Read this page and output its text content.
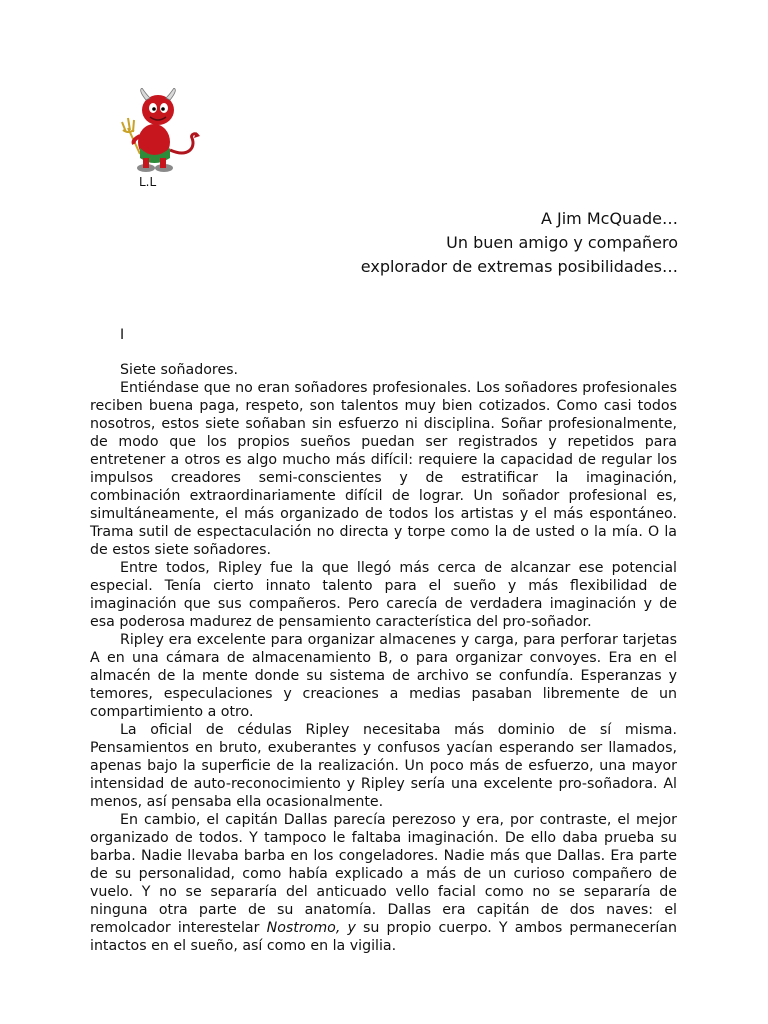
L.L
A Jim McQuade…
Un buen amigo y compañero
explorador de extremas posibilidades…
I

Siete soñadores.

Entiéndase que no eran soñadores profesionales. Los soñadores profesionales reciben buena paga, respeto, son talentos muy bien cotizados. Como casi todos nosotros, estos siete soñaban sin esfuerzo ni disciplina. Soñar profesionalmente, de modo que los propios sueños puedan ser registrados y repetidos para entretener a otros es algo mucho más difícil: requiere la capacidad de regular los impulsos creadores semi-conscientes y de estratificar la imaginación, combinación extraordinariamente difícil de lograr. Un soñador profesional es, simultáneamente, el más organizado de todos los artistas y el más espontáneo. Trama sutil de espectaculación no directa y torpe como la de usted o la mía. O la de estos siete soñadores.

Entre todos, Ripley fue la que llegó más cerca de alcanzar ese potencial especial. Tenía cierto innato talento para el sueño y más flexibilidad de imaginación que sus compañeros. Pero carecía de verdadera imaginación y de esa poderosa madurez de pensamiento característica del pro-soñador.

Ripley era excelente para organizar almacenes y carga, para perforar tarjetas A en una cámara de almacenamiento B, o para organizar convoyes. Era en el almacén de la mente donde su sistema de archivo se confundía. Esperanzas y temores, especulaciones y creaciones a medias pasaban libremente de un compartimiento a otro.

La oficial de cédulas Ripley necesitaba más dominio de sí misma. Pensamientos en bruto, exuberantes y confusos yacían esperando ser llamados, apenas bajo la superficie de la realización. Un poco más de esfuerzo, una mayor intensidad de auto-reconocimiento y Ripley sería una excelente pro-soñadora. Al menos, así pensaba ella ocasionalmente.

En cambio, el capitán Dallas parecía perezoso y era, por contraste, el mejor organizado de todos. Y tampoco le faltaba imaginación. De ello daba prueba su barba. Nadie llevaba barba en los congeladores. Nadie más que Dallas. Era parte de su personalidad, como había explicado a más de un curioso compañero de vuelo. Y no se separaría del anticuado vello facial como no se separaría de ninguna otra parte de su anatomía. Dallas era capitán de dos naves: el remolcador interestelar Nostromo, y su propio cuerpo. Y ambos permanecerían intactos en el sueño, así como en la vigilia.
